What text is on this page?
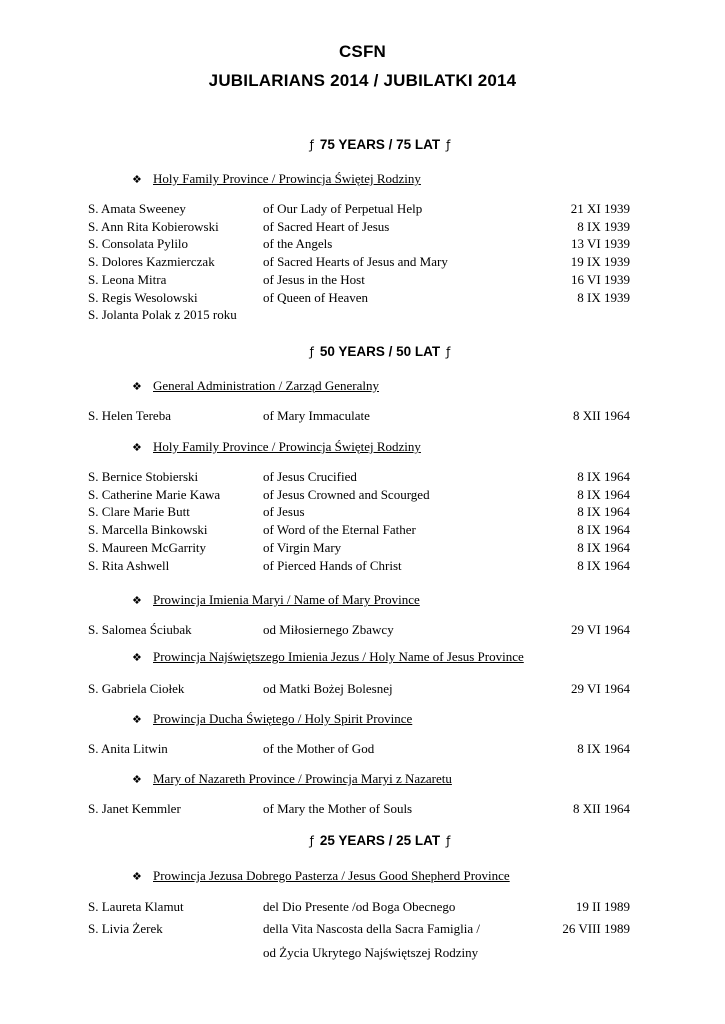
CSFN
JUBILARIANS 2014 / JUBILATKI 2014
ƒ 75 YEARS / 75 LAT ƒ
❖ Holy Family Province / Prowincja Świętej Rodziny
S. Amata Sweeney	of Our Lady of Perpetual Help	21 XI 1939
S. Ann Rita Kobierowski	of Sacred Heart of Jesus	8 IX 1939
S. Consolata Pylilo	of the Angels	13 VI 1939
S. Dolores Kazmierczak	of Sacred Hearts of Jesus and Mary	19 IX 1939
S. Leona Mitra	of Jesus in the Host	16 VI 1939
S. Regis Wesolowski	of Queen of Heaven	8 IX 1939
S. Jolanta Polak z 2015 roku
ƒ 50 YEARS / 50 LAT ƒ
❖ General Administration / Zarząd Generalny
S. Helen Tereba	of Mary Immaculate	8 XII 1964
❖ Holy Family Province / Prowincja Świętej Rodziny
S. Bernice Stobierski	of Jesus Crucified	8 IX 1964
S. Catherine Marie Kawa	of Jesus Crowned and Scourged	8 IX 1964
S. Clare Marie Butt	of Jesus	8 IX 1964
S. Marcella Binkowski	of Word of the Eternal Father	8 IX 1964
S. Maureen McGarrity	of Virgin Mary	8 IX 1964
S. Rita Ashwell	of Pierced Hands of Christ	8 IX 1964
❖ Prowincja Imienia Maryi / Name of Mary Province
S. Salomea Ściubak	od Miłosiernego Zbawcy	29 VI 1964
❖ Prowincja Najświętszego Imienia Jezus / Holy Name of Jesus Province
S. Gabriela Ciołek	od Matki Bożej Bolesnej	29 VI 1964
❖ Prowincja Ducha Świętego / Holy Spirit Province
S. Anita Litwin	of the Mother of God	8 IX 1964
❖ Mary of Nazareth Province / Prowincja Maryi z Nazaretu
S. Janet Kemmler	of Mary the Mother of Souls	8 XII 1964
ƒ 25 YEARS / 25 LAT ƒ
❖ Prowincja Jezusa Dobrego Pasterza / Jesus Good Shepherd Province
S. Laureta Klamut	del Dio Presente /od Boga Obecnego	19 II 1989
S. Livia Żerek	della Vita Nascosta della Sacra Famiglia /	26 VIII 1989
od Życia Ukrytego Najświętszej Rodziny
